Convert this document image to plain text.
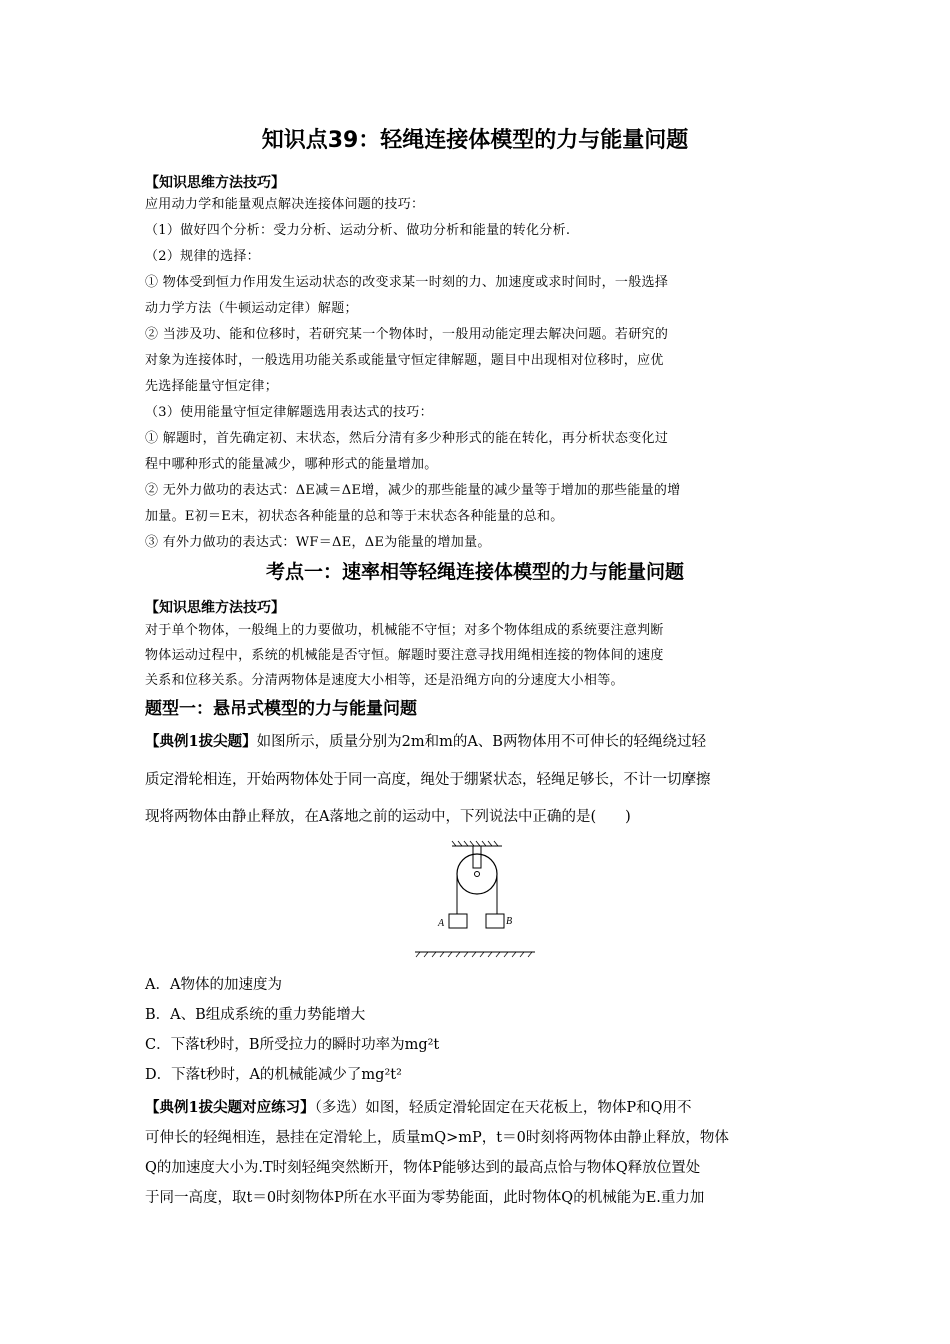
知识点39：轻绳连接体模型的力与能量问题
【知识思维方法技巧】
应用动力学和能量观点解决连接体问题的技巧：
（1）做好四个分析：受力分析、运动分析、做功分析和能量的转化分析.
（2）规律的选择：
① 物体受到恒力作用发生运动状态的改变求某一时刻的力、加速度或求时间时，一般选择
动力学方法（牛顿运动定律）解题；
② 当涉及功、能和位移时，若研究某一个物体时，一般用动能定理去解决问题。若研究的
对象为连接体时，一般选用功能关系或能量守恒定律解题，题目中出现相对位移时，应优
先选择能量守恒定律；
（3）使用能量守恒定律解题选用表达式的技巧：
① 解题时，首先确定初、末状态，然后分清有多少种形式的能在转化，再分析状态变化过
程中哪种形式的能量减少，哪种形式的能量增加。
② 无外力做功的表达式：ΔE减＝ΔE增，减少的那些能量的减少量等于增加的那些能量的增
加量。E初＝E末，初状态各种能量的总和等于末状态各种能量的总和。
③ 有外力做功的表达式：WF＝ΔE，ΔE为能量的增加量。
考点一：速率相等轻绳连接体模型的力与能量问题
【知识思维方法技巧】
对于单个物体，一般绳上的力要做功，机械能不守恒；对多个物体组成的系统要注意判断
物体运动过程中，系统的机械能是否守恒。解题时要注意寻找用绳相连接的物体间的速度
关系和位移关系。分清两物体是速度大小相等，还是沿绳方向的分速度大小相等。
题型一：悬吊式模型的力与能量问题
【典例1拔尖题】如图所示，质量分别为2m和m的A、B两物体用不可伸长的轻绳绕过轻
质定滑轮相连，开始两物体处于同一高度，绳处于绷紧状态，轻绳足够长，不计一切摩擦
现将两物体由静止释放，在A落地之前的运动中，下列说法中正确的是(　　)
A	B
A．A物体的加速度为
B．A、B组成系统的重力势能增大
C．下落t秒时，B所受拉力的瞬时功率为mg²t
D．下落t秒时，A的机械能减少了mg²t²
【典例1拔尖题对应练习】（多选）如图，轻质定滑轮固定在天花板上，物体P和Q用不
可伸长的轻绳相连，悬挂在定滑轮上，质量mQ>mP，t＝0时刻将两物体由静止释放，物体
Q的加速度大小为.T时刻轻绳突然断开，物体P能够达到的最高点恰与物体Q释放位置处
于同一高度，取t＝0时刻物体P所在水平面为零势能面，此时物体Q的机械能为E.重力加
